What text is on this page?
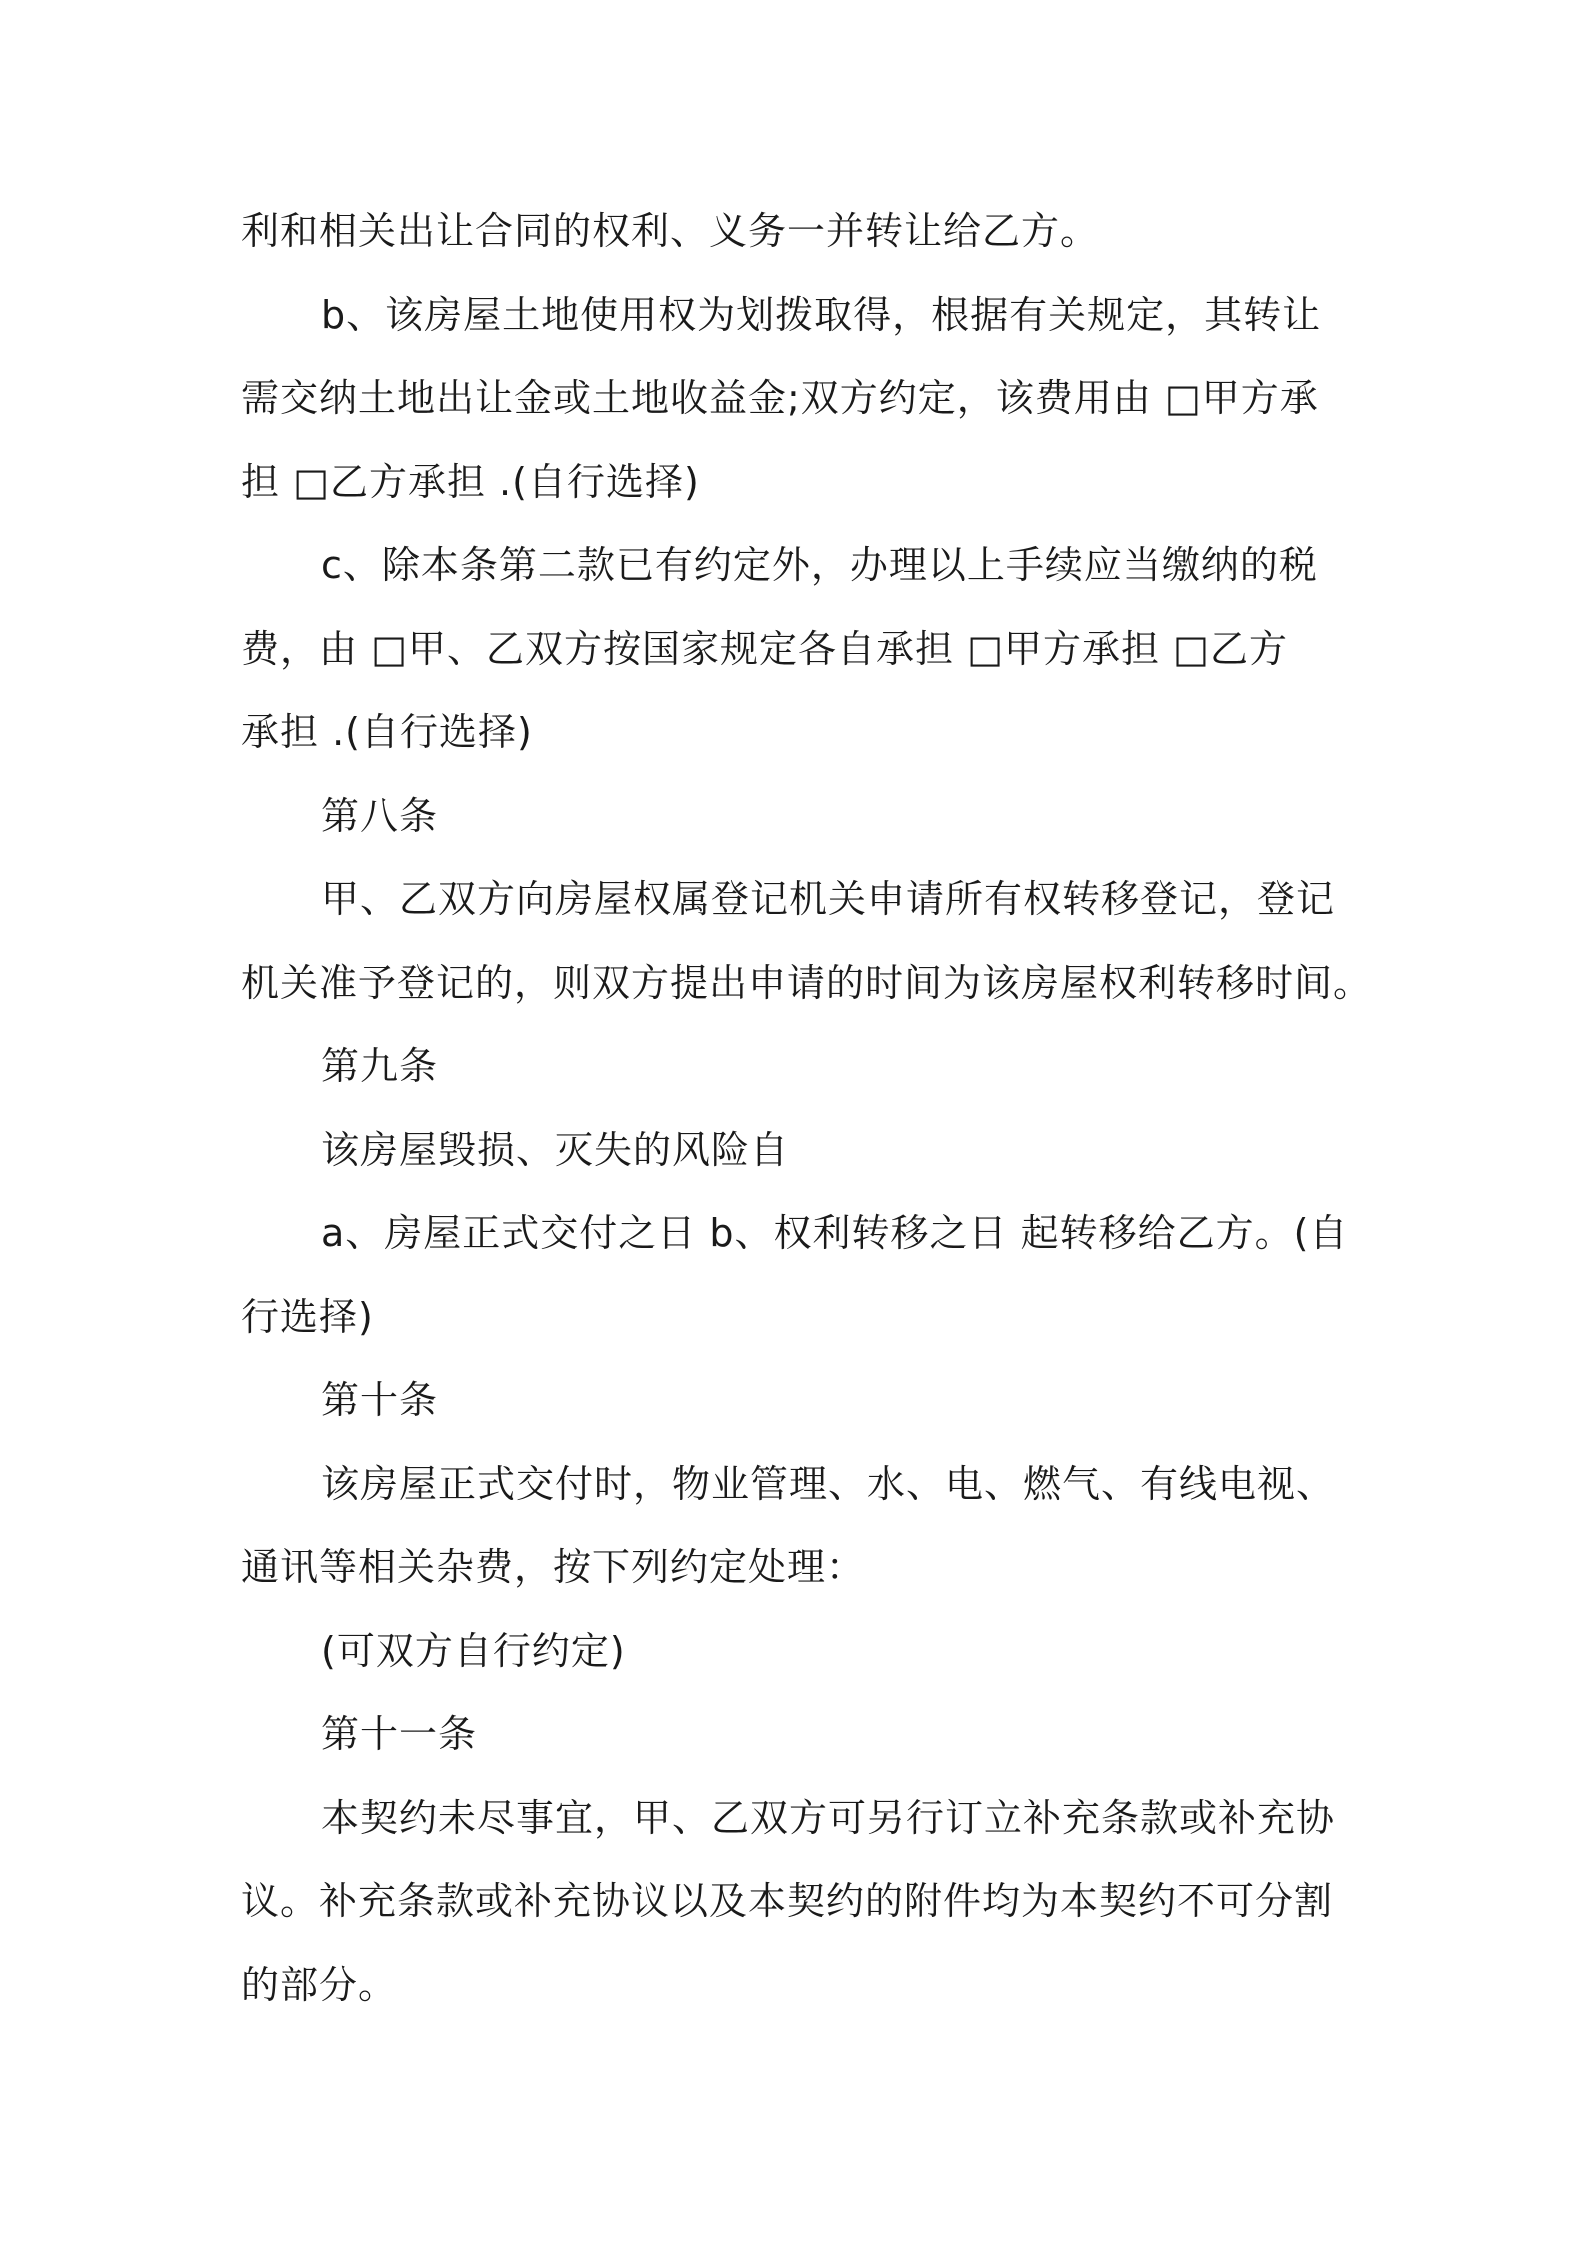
利和相关出让合同的权利、义务一并转让给乙方。
b、该房屋土地使用权为划拨取得，根据有关规定，其转让
需交纳土地出让金或土地收益金;双方约定，该费用由 □甲方承
担 □乙方承担 .(自行选择)
c、除本条第二款已有约定外，办理以上手续应当缴纳的税
费，由 □甲、乙双方按国家规定各自承担 □甲方承担 □乙方
承担 .(自行选择)
第八条
甲、乙双方向房屋权属登记机关申请所有权转移登记，登记
机关准予登记的，则双方提出申请的时间为该房屋权利转移时间。
第九条
该房屋毁损、灭失的风险自
a、房屋正式交付之日 b、权利转移之日 起转移给乙方。(自
行选择)
第十条
该房屋正式交付时，物业管理、水、电、燃气、有线电视、
通讯等相关杂费，按下列约定处理：
(可双方自行约定)
第十一条
本契约未尽事宜，甲、乙双方可另行订立补充条款或补充协
议。补充条款或补充协议以及本契约的附件均为本契约不可分割
的部分。
